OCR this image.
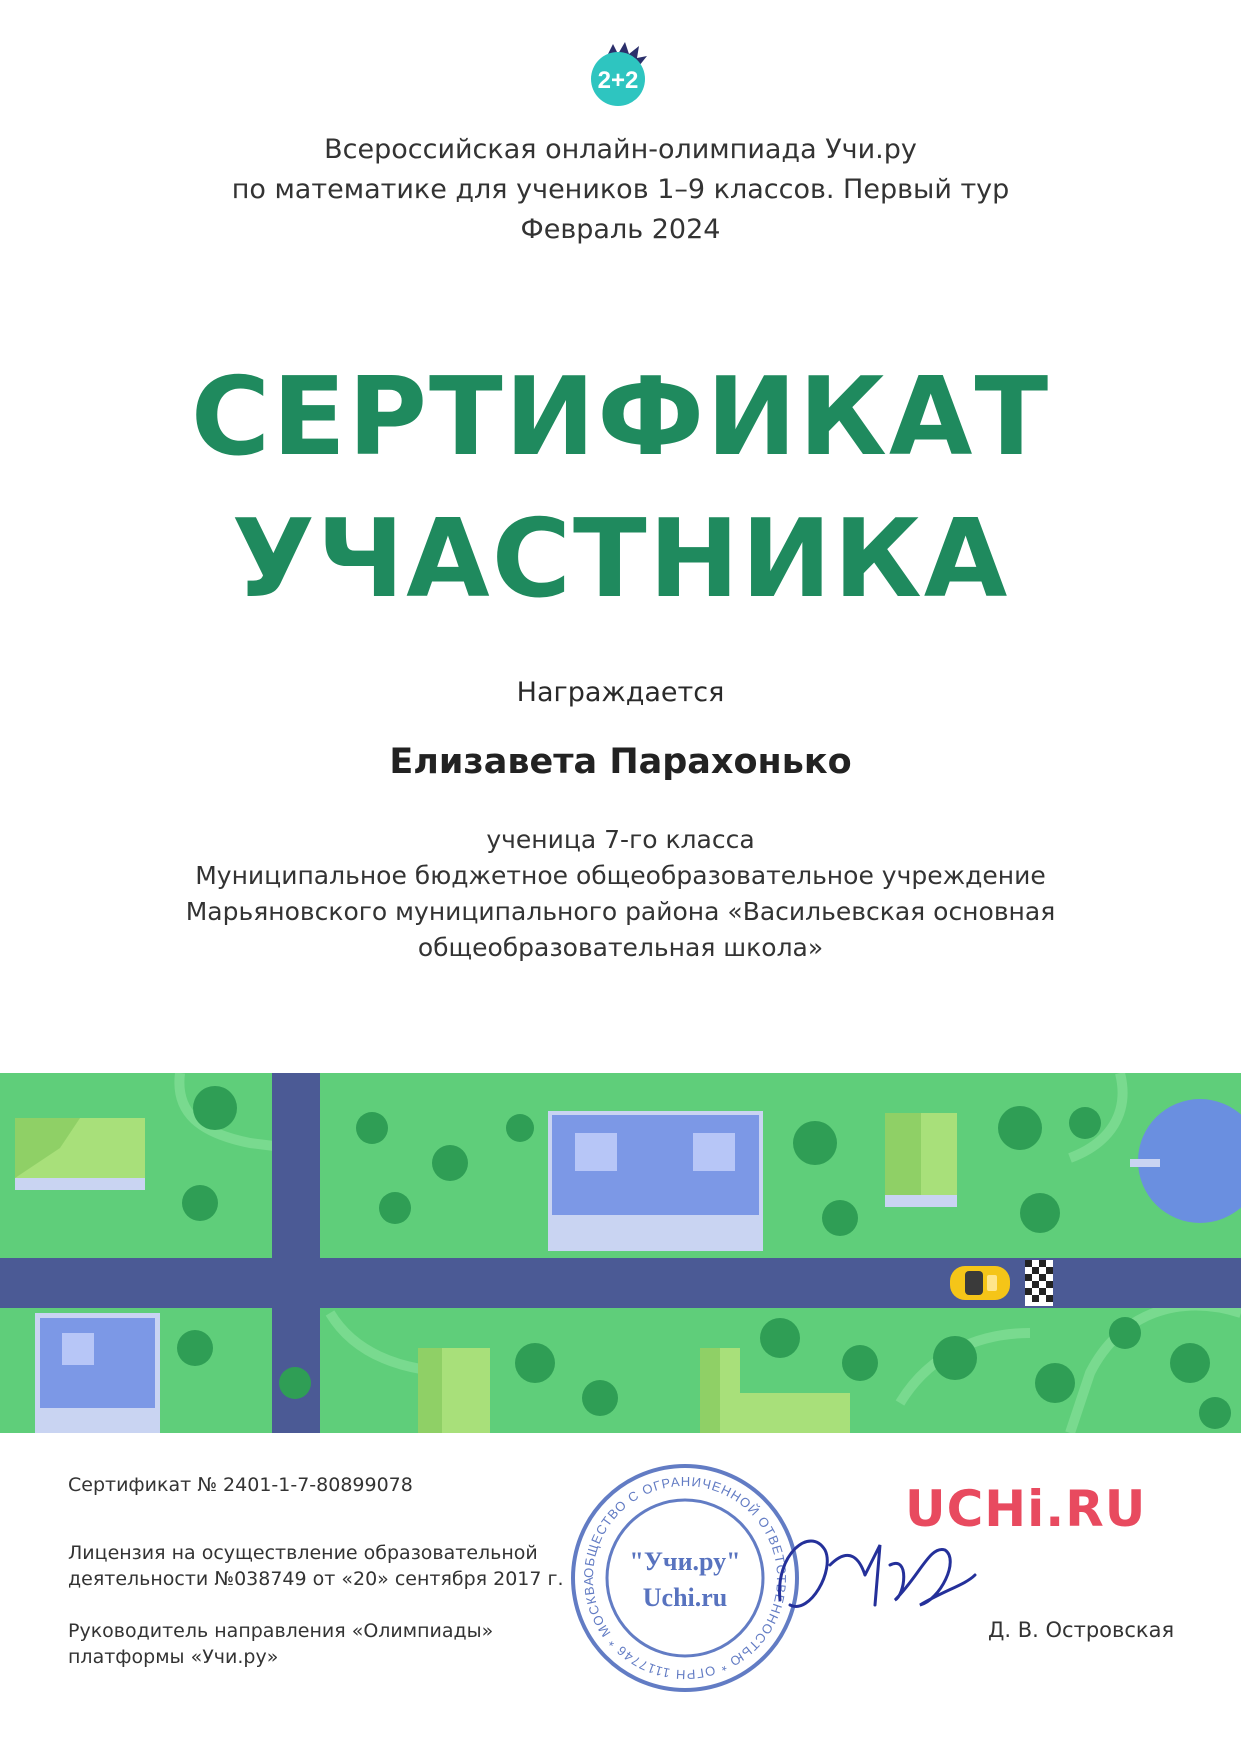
2+2
Всероссийская онлайн-олимпиада Учи.ру
по математике для учеников 1–9 классов. Первый тур
Февраль 2024
СЕРТИФИКАТ
УЧАСТНИКА
Награждается
Елизавета Парахонько
ученица 7-го класса
Муниципальное бюджетное общеобразовательное учреждение
Марьяновского муниципального района «Васильевская основная
общеобразовательная школа»
Сертификат № 2401-1-7-80899078
Лицензия на осуществление образовательной
деятельности №038749 от «20» сентября 2017 г.
Руководитель направления «Олимпиады»
платформы «Учи.ру»
ОБЩЕСТВО С ОГРАНИЧЕННОЙ ОТВЕТСТВЕННОСТЬЮ * ОГРН 1117746 * МОСКВА
"Учи.ру"
Uchi.ru
UCHi.RU
Д. В. Островская
